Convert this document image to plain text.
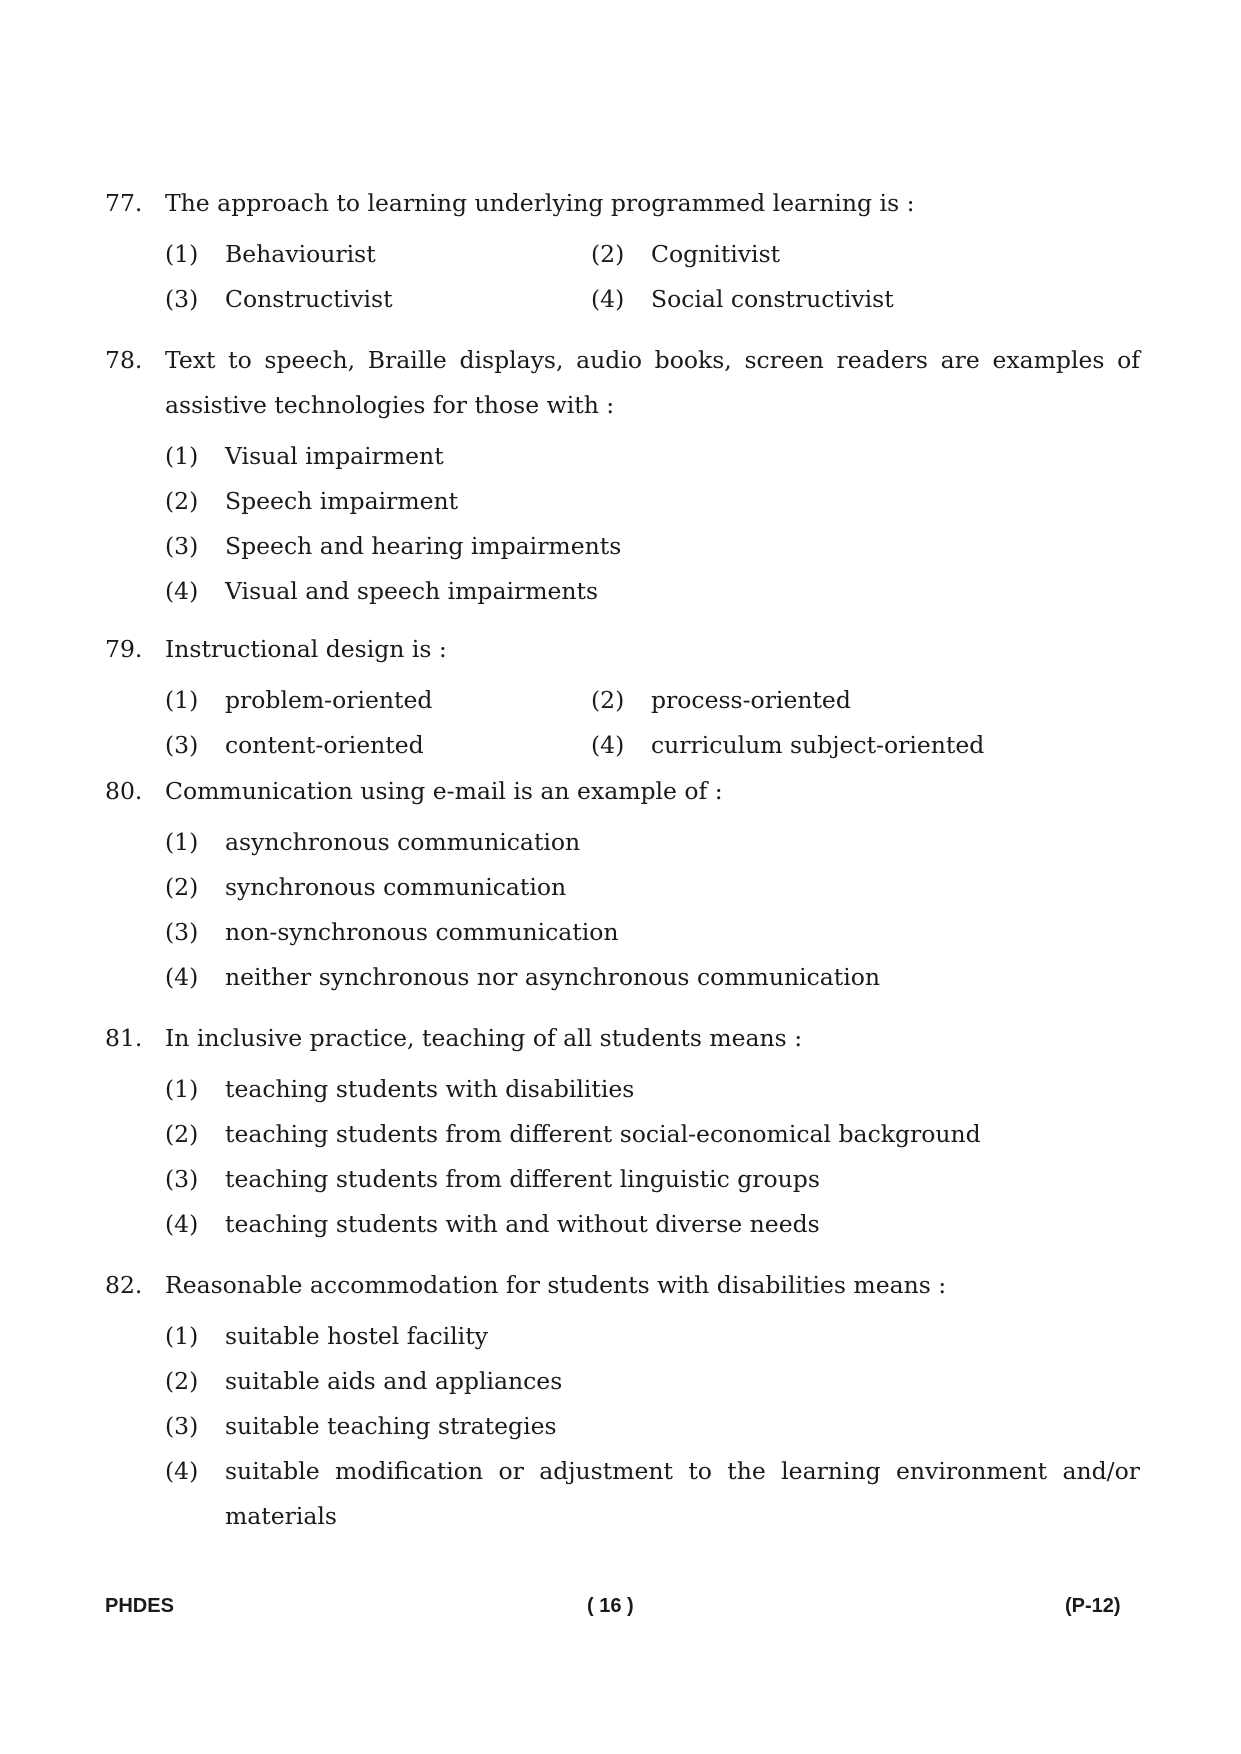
77. The approach to learning underlying programmed learning is :
(1) Behaviourist	(2) Cognitivist
(3) Constructivist	(4) Social constructivist
78. Text to speech, Braille displays, audio books, screen readers are examples of assistive technologies for those with :
(1) Visual impairment
(2) Speech impairment
(3) Speech and hearing impairments
(4) Visual and speech impairments
79. Instructional design is :
(1) problem-oriented	(2) process-oriented
(3) content-oriented	(4) curriculum subject-oriented
80. Communication using e-mail is an example of :
(1) asynchronous communication
(2) synchronous communication
(3) non-synchronous communication
(4) neither synchronous nor asynchronous communication
81. In inclusive practice, teaching of all students means :
(1) teaching students with disabilities
(2) teaching students from different social-economical background
(3) teaching students from different linguistic groups
(4) teaching students with and without diverse needs
82. Reasonable accommodation for students with disabilities means :
(1) suitable hostel facility
(2) suitable aids and appliances
(3) suitable teaching strategies
(4) suitable modification or adjustment to the learning environment and/or materials
PHDES	( 16 )	(P-12)
